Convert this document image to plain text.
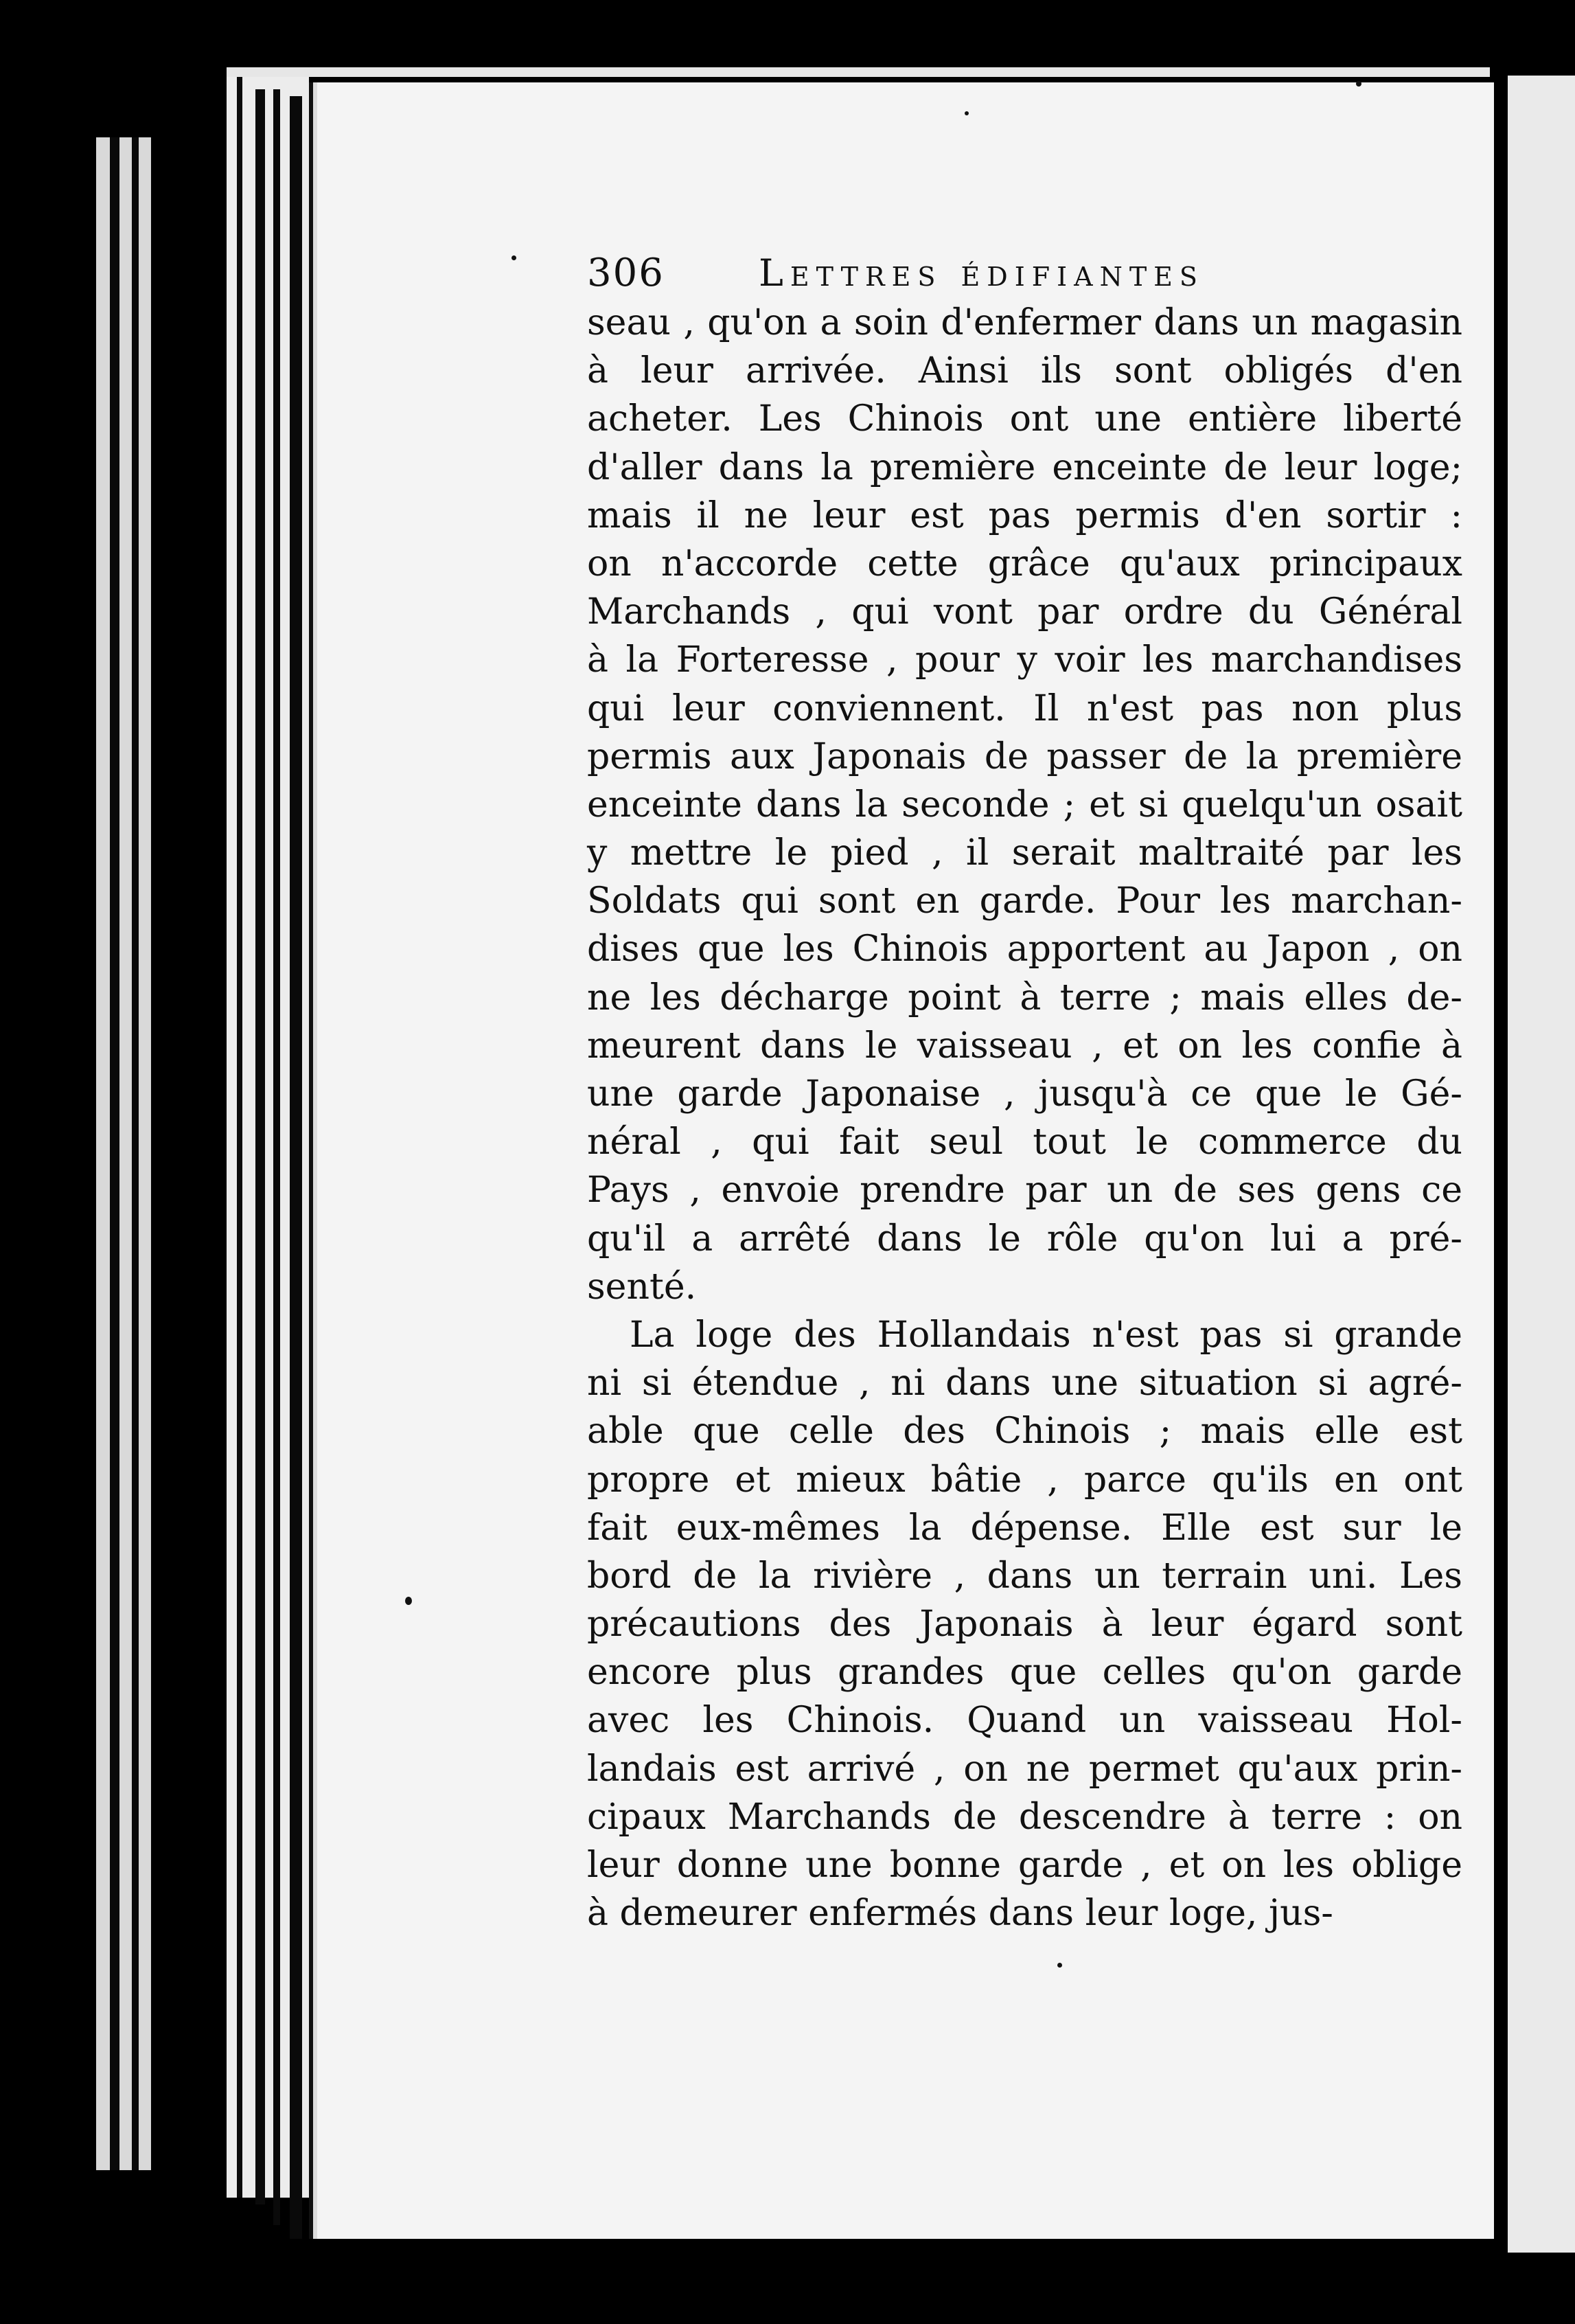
306	Lettres édifiantes
seau , qu'on a soin d'enfermer dans un magasin
à leur arrivée. Ainsi ils sont obligés d'en
acheter. Les Chinois ont une entière liberté
d'aller dans la première enceinte de leur loge;
mais il ne leur est pas permis d'en sortir :
on n'accorde cette grâce qu'aux principaux
Marchands , qui vont par ordre du Général
à la Forteresse , pour y voir les marchandises
qui leur conviennent. Il n'est pas non plus
permis aux Japonais de passer de la première
enceinte dans la seconde ; et si quelqu'un osait
y mettre le pied , il serait maltraité par les
Soldats qui sont en garde. Pour les marchan-
dises que les Chinois apportent au Japon , on
ne les décharge point à terre ; mais elles de-
meurent dans le vaisseau , et on les confie à
une garde Japonaise , jusqu'à ce que le Gé-
néral , qui fait seul tout le commerce du
Pays , envoie prendre par un de ses gens ce
qu'il a arrêté dans le rôle qu'on lui a pré-
senté.
La loge des Hollandais n'est pas si grande
ni si étendue , ni dans une situation si agré-
able que celle des Chinois ; mais elle est
propre et mieux bâtie , parce qu'ils en ont
fait eux-mêmes la dépense. Elle est sur le
bord de la rivière , dans un terrain uni. Les
précautions des Japonais à leur égard sont
encore plus grandes que celles qu'on garde
avec les Chinois. Quand un vaisseau Hol-
landais est arrivé , on ne permet qu'aux prin-
cipaux Marchands de descendre à terre : on
leur donne une bonne garde , et on les oblige
à demeurer enfermés dans leur loge, jus-
